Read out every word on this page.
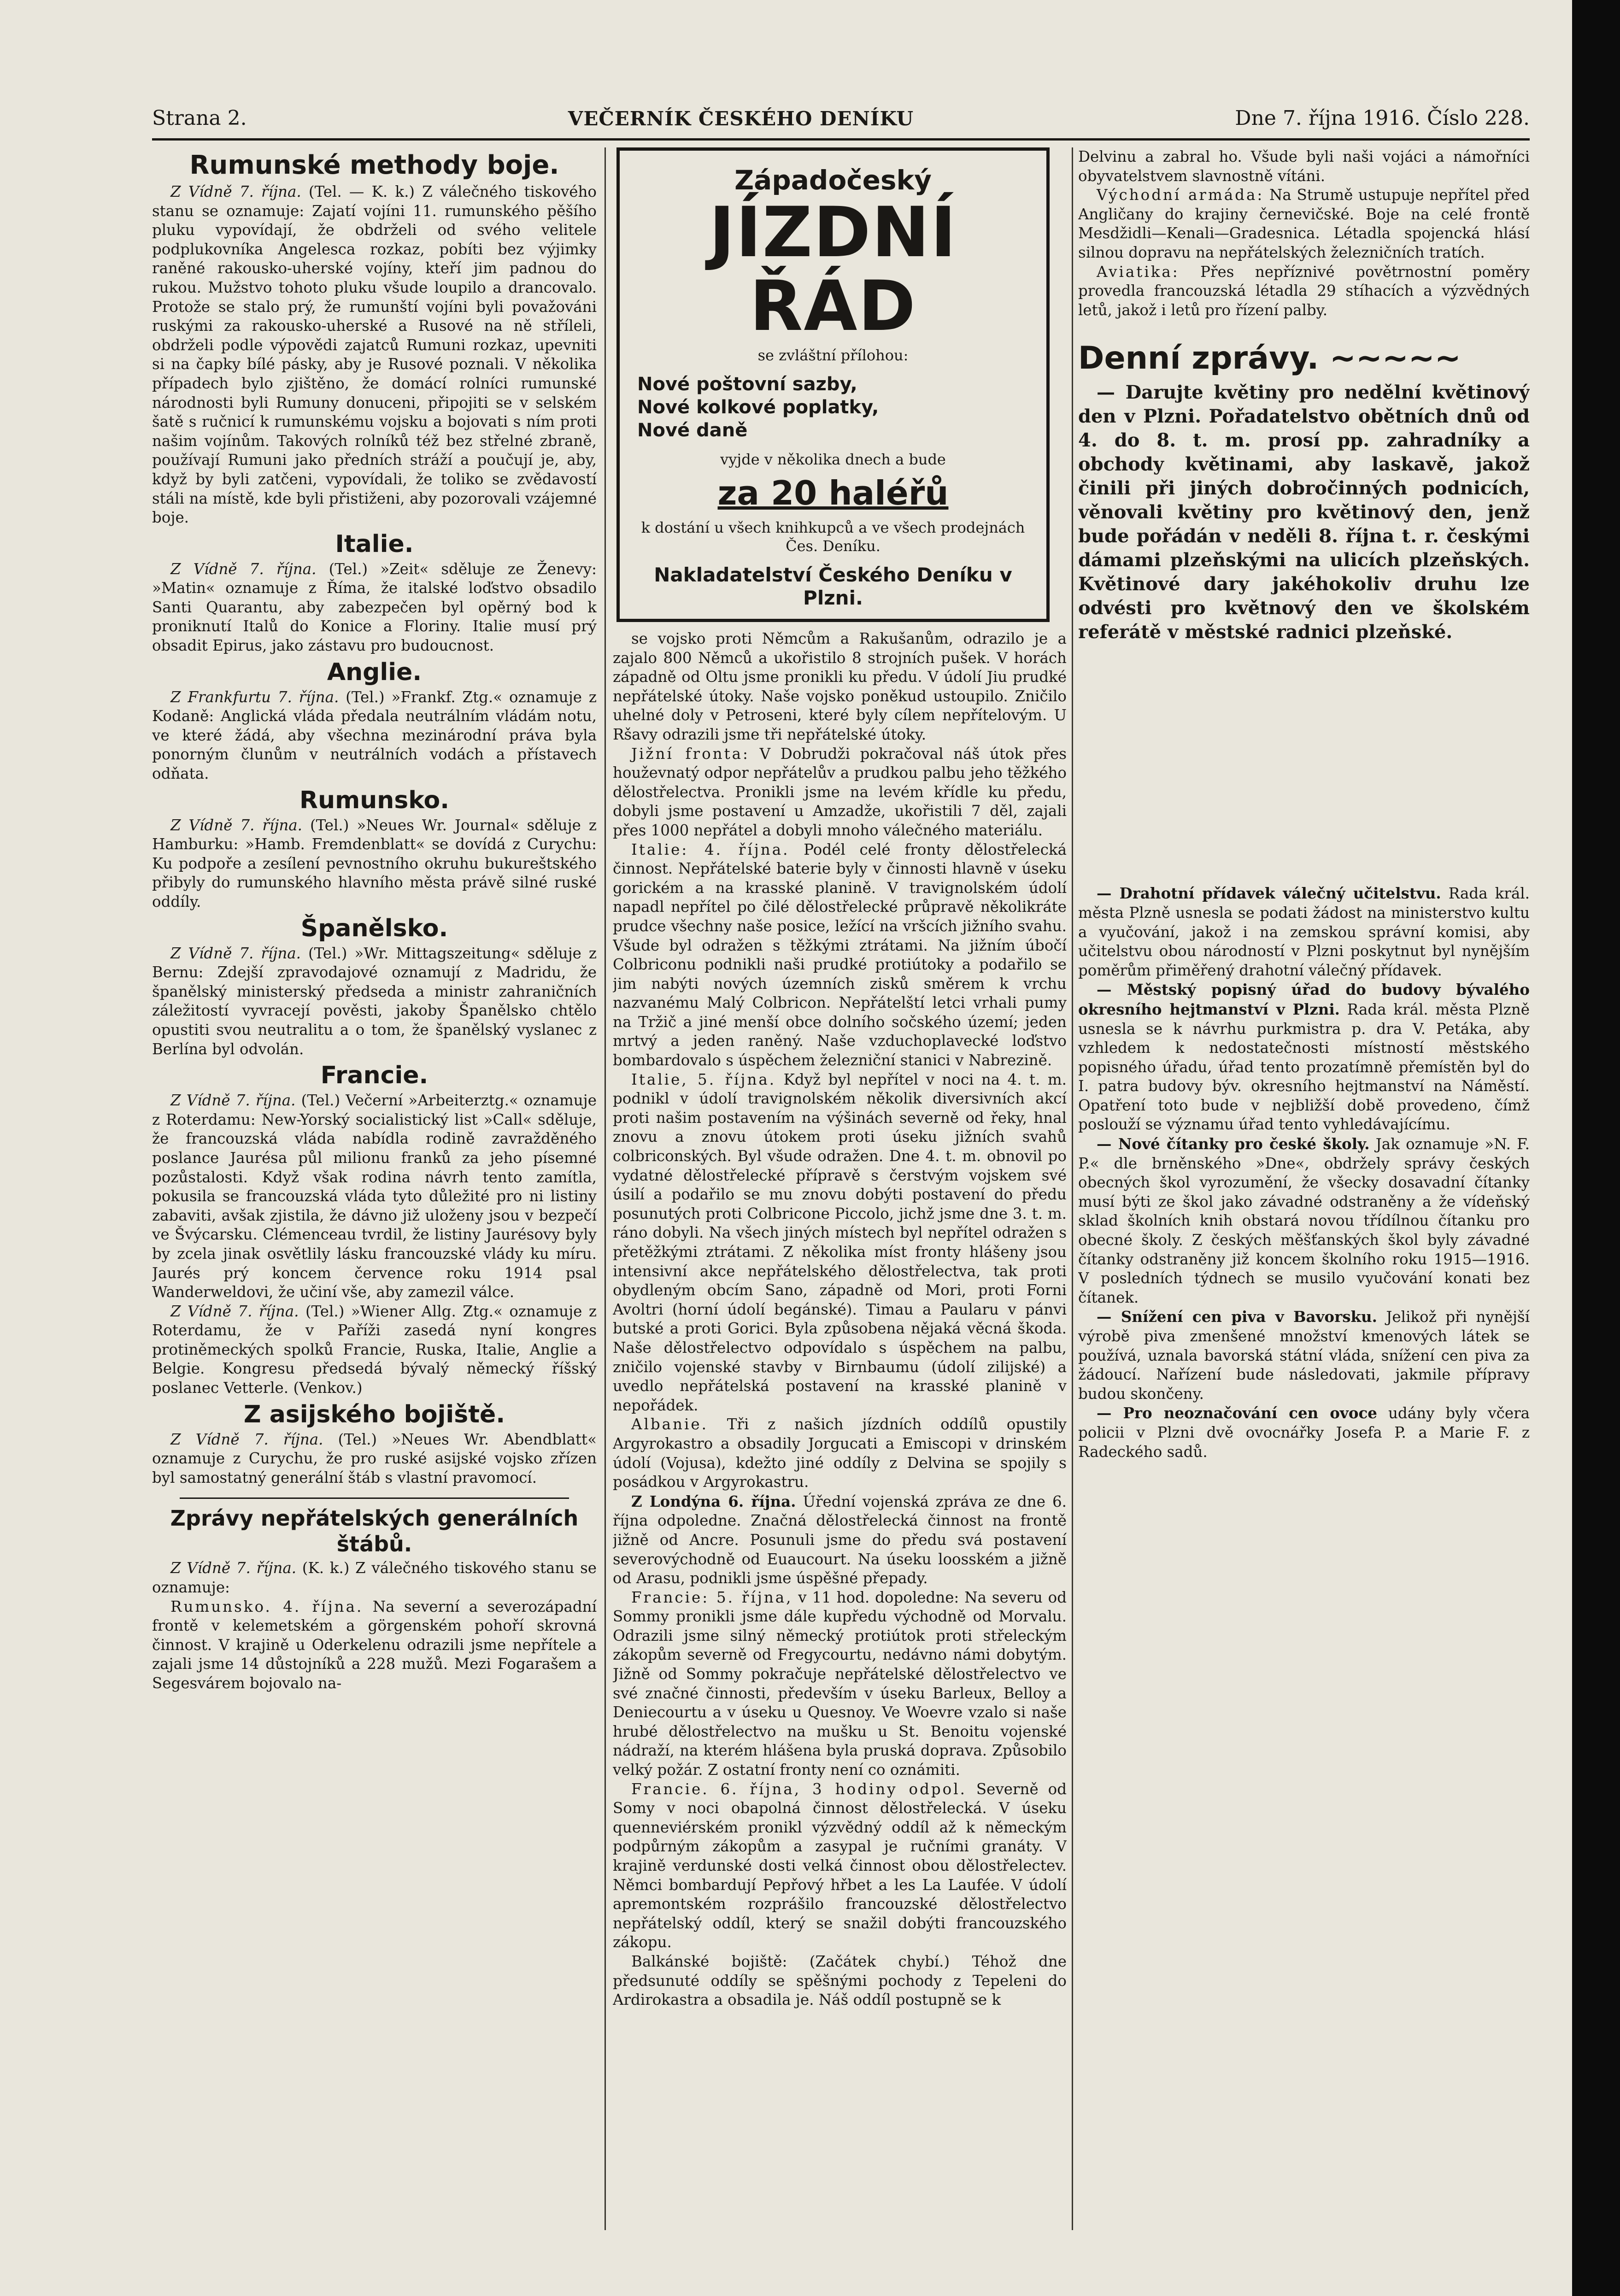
Strana 2.	VEČERNÍK ČESKÉHO DENÍKU	Dne 7. října 1916. Číslo 228.
Rumunské methody boje.

Z Vídně 7. října. (Tel. — K. k.) Z válečného tiskového stanu se oznamuje: Zajatí vojíni 11. rumunského pěšího pluku vypovídají, že obdrželi od svého velitele podplukovníka Angelesca rozkaz, pobíti bez výjimky raněné rakousko-uherské vojíny, kteří jim padnou do rukou. Mužstvo tohoto pluku všude loupilo a drancovalo. Protože se stalo prý, že rumunští vojíni byli považováni ruskými za rakousko-uherské a Rusové na ně stříleli, obdrželi podle výpovědi zajatců Rumuni rozkaz, upevniti si na čapky bílé pásky, aby je Rusové poznali. V několika případech bylo zjištěno, že domácí rolníci rumunské národnosti byli Rumuny donuceni, připojiti se v selském šatě s ručnicí k rumunskému vojsku a bojovati s ním proti našim vojínům. Takových rolníků též bez střelné zbraně, používají Rumuni jako předních stráží a poučují je, aby, když by byli zatčeni, vypovídali, že toliko se zvědavostí stáli na místě, kde byli přistiženi, aby pozorovali vzájemné boje.

Italie.

Z Vídně 7. října. (Tel.) »Zeit« sděluje ze Ženevy: »Matin« oznamuje z Říma, že italské loďstvo obsadilo Santi Quarantu, aby zabezpečen byl opěrný bod k proniknutí Italů do Konice a Floriny. Italie musí prý obsadit Epirus, jako zástavu pro budoucnost.

Anglie.

Z Frankfurtu 7. října. (Tel.) »Frankf. Ztg.« oznamuje z Kodaně: Anglická vláda předala neutrálním vládám notu, ve které žádá, aby všechna mezinárodní práva byla ponorným člunům v neutrálních vodách a přístavech odňata.

Rumunsko.

Z Vídně 7. října. (Tel.) »Neues Wr. Journal« sděluje z Hamburku: »Hamb. Fremdenblatt« se dovídá z Curychu: Ku podpoře a zesílení pevnostního okruhu bukureštského přibyly do rumunského hlavního města právě silné ruské oddíly.

Španělsko.

Z Vídně 7. října. (Tel.) »Wr. Mittagszeitung« sděluje z Bernu: Zdejší zpravodajové oznamují z Madridu, že španělský ministerský předseda a ministr zahraničních záležitostí vyvracejí pověsti, jakoby Španělsko chtělo opustiti svou neutralitu a o tom, že španělský vyslanec z Berlína byl odvolán.

Francie.

Z Vídně 7. října. (Tel.) Večerní »Arbeiterztg.« oznamuje z Roterdamu: New-Yorský socialistický list »Call« sděluje, že francouzská vláda nabídla rodině zavražděného poslance Jaurésa půl milionu franků za jeho písemné pozůstalosti. Když však rodina návrh tento zamítla, pokusila se francouzská vláda tyto důležité pro ni listiny zabaviti, avšak zjistila, že dávno již uloženy jsou v bezpečí ve Švýcarsku. Clémenceau tvrdil, že listiny Jaurésovy byly by zcela jinak osvětlily lásku francouzské vlády ku míru. Jaurés prý koncem července roku 1914 psal Wanderweldovi, že učiní vše, aby zamezil válce.

Z Vídně 7. října. (Tel.) »Wiener Allg. Ztg.« oznamuje z Roterdamu, že v Paříži zasedá nyní kongres protiněmeckých spolků Francie, Ruska, Italie, Anglie a Belgie. Kongresu předsedá bývalý německý říšský poslanec Vetterle. (Venkov.)

Z asijského bojiště.

Z Vídně 7. října. (Tel.) »Neues Wr. Abendblatt« oznamuje z Curychu, že pro ruské asijské vojsko zřízen byl samostatný generální štáb s vlastní pravomocí.

Zprávy nepřátelských generálních štábů.

Z Vídně 7. října. (K. k.) Z válečného tiskového stanu se oznamuje:

Rumunsko. 4. října. Na severní a severozápadní frontě v kelemetském a görgenském pohoří skrovná činnost. V krajině u Oderkelenu odrazili jsme nepřítele a zajali jsme 14 důstojníků a 228 mužů. Mezi Fogarašem a Segesvárem bojovalo na-

Západočeský
JÍZDNÍ ŘÁD
se zvláštní přílohou:
Nové poštovní sazby,
Nové kolkové poplatky,
Nové daně
vyjde v několika dnech a bude
za 20 haléřů
k dostání u všech knihkupců a ve všech prodejnách Čes. Deníku.
Nakladatelství Českého Deníku v Plzni.

se vojsko proti Němcům a Rakušanům, odrazilo je a zajalo 800 Němců a ukořistilo 8 strojních pušek. V horách západně od Oltu jsme pronikli ku předu. V údolí Jiu prudké nepřátelské útoky. Naše vojsko poněkud ustoupilo. Zničilo uhelné doly v Petroseni, které byly cílem nepřítelovým. U Ršavy odrazili jsme tři nepřátelské útoky.

Jižní fronta: V Dobrudži pokračoval náš útok přes houževnatý odpor nepřátelův a prudkou palbu jeho těžkého dělostřelectva. Pronikli jsme na levém křídle ku předu, dobyli jsme postavení u Amzadže, ukořistili 7 děl, zajali přes 1000 nepřátel a dobyli mnoho válečného materiálu.

Italie: 4. října. Podél celé fronty dělostřelecká činnost. Nepřátelské baterie byly v činnosti hlavně v úseku gorickém a na krasské planině. V travignolském údolí napadl nepřítel po čilé dělostřelecké průpravě několikráte prudce všechny naše posice, ležící na vršcích jižního svahu. Všude byl odražen s těžkými ztrátami. Na jižním úbočí Colbriconu podnikli naši prudké protiútoky a podařilo se jim nabýti nových územních zisků směrem k vrchu nazvanému Malý Colbricon. Nepřátelští letci vrhali pumy na Tržič a jiné menší obce dolního sočského území; jeden mrtvý a jeden raněný. Naše vzduchoplavecké loďstvo bombardovalo s úspěchem železniční stanici v Nabrezině.

Italie, 5. října. Když byl nepřítel v noci na 4. t. m. podnikl v údolí travignolském několik diversivních akcí proti našim postavením na výšinách severně od řeky, hnal znovu a znovu útokem proti úseku jižních svahů colbriconských. Byl všude odražen. Dne 4. t. m. obnovil po vydatné dělostřelecké přípravě s čerstvým vojskem své úsilí a podařilo se mu znovu dobýti postavení do předu posunutých proti Colbricone Piccolo, jichž jsme dne 3. t. m. ráno dobyli. Na všech jiných místech byl nepřítel odražen s přetěžkými ztrátami. Z několika míst fronty hlášeny jsou intensivní akce nepřátelského dělostřelectva, tak proti obydleným obcím Sano, západně od Mori, proti Forni Avoltri (horní údolí begánské). Timau a Paularu v pánvi butské a proti Gorici. Byla způsobena nějaká věcná škoda. Naše dělostřelectvo odpovídalo s úspěchem na palbu, zničilo vojenské stavby v Birnbaumu (údolí zilijské) a uvedlo nepřátelská postavení na krasské planině v nepořádek.

Albanie. Tři z našich jízdních oddílů opustily Argyrokastro a obsadily Jorgucati a Emiscopi v drinském údolí (Vojusa), kdežto jiné oddíly z Delvina se spojily s posádkou v Argyrokastru.

Z Londýna 6. října. Úřední vojenská zpráva ze dne 6. října odpoledne. Značná dělostřelecká činnost na frontě jižně od Ancre. Posunuli jsme do předu svá postavení severovýchodně od Euaucourt. Na úseku loosském a jižně od Arasu, podnikli jsme úspěšné přepady.

Francie: 5. října, v 11 hod. dopoledne: Na severu od Sommy pronikli jsme dále kupředu východně od Morvalu. Odrazili jsme silný německý protiútok proti střeleckým zákopům severně od Fregycourtu, nedávno námi dobytým. Jižně od Sommy pokračuje nepřátelské dělostřelectvo ve své značné činnosti, především v úseku Barleux, Belloy a Deniecourtu a v úseku u Quesnoy. Ve Woevre vzalo si naše hrubé dělostřelectvo na mušku u St. Benoitu vojenské nádraží, na kterém hlášena byla pruská doprava. Způsobilo velký požár. Z ostatní fronty není co oznámiti.

Francie. 6. října, 3 hodiny odpol. Severně od Somy v noci obapolná činnost dělostřelecká. V úseku quenneviérském pronikl výzvědný oddíl až k německým podpůrným zákopům a zasypal je ručními granáty. V krajině verdunské dosti velká činnost obou dělostřelectev. Němci bombardují Pepřový hřbet a les La Laufée. V údolí apremontském rozprášilo francouzské dělostřelectvo nepřátelský oddíl, který se snažil dobýti francouzského zákopu.

Balkánské bojiště: (Začátek chybí.) Téhož dne předsunuté oddíly se spěšnými pochody z Tepeleni do Ardirokastra a obsadila je. Náš oddíl postupně se k

Delvinu a zabral ho. Všude byli naši vojáci a námořníci obyvatelstvem slavnostně vítáni.

Východní armáda: Na Strumě ustupuje nepřítel před Angličany do krajiny černevičské. Boje na celé frontě Mesdžidli—Kenali—Gradesnica. Létadla spojencká hlásí silnou dopravu na nepřátelských železničních tratích.

Aviatika: Přes nepříznivé povětrnostní poměry provedla francouzská létadla 29 stíhacích a výzvědných letů, jakož i letů pro řízení palby.

Denní zprávy. ∼∼∼∼∼

— Darujte květiny pro nedělní květinový den v Plzni. Pořadatelstvo obětních dnů od 4. do 8. t. m. prosí pp. zahradníky a obchody květinami, aby laskavě, jakož činili při jiných dobročinných podnicích, věnovali květiny pro květinový den, jenž bude pořádán v neděli 8. října t. r. českými dámami plzeňskými na ulicích plzeňských. Květinové dary jakéhokoliv druhu lze odvésti pro květnový den ve školském referátě v městské radnici plzeňské.

— Drahotní přídavek válečný učitelstvu. Rada král. města Plzně usnesla se podati žádost na ministerstvo kultu a vyučování, jakož i na zemskou správní komisi, aby učitelstvu obou národností v Plzni poskytnut byl nynějším poměrům přiměřený drahotní válečný přídavek.

— Městský popisný úřad do budovy bývalého okresního hejtmanství v Plzni. Rada král. města Plzně usnesla se k návrhu purkmistra p. dra V. Petáka, aby vzhledem k nedostatečnosti místností městského popisného úřadu, úřad tento prozatímně přemístěn byl do I. patra budovy býv. okresního hejtmanství na Náměstí. Opatření toto bude v nejbližší době provedeno, čímž poslouží se významu úřad tento vyhledávajícímu.

— Nové čítanky pro české školy. Jak oznamuje »N. F. P.« dle brněnského »Dne«, obdržely správy českých obecných škol vyrozumění, že všecky dosavadní čítanky musí býti ze škol jako závadné odstraněny a že vídeňský sklad školních knih obstará novou třídílnou čítanku pro obecné školy. Z českých měšťanských škol byly závadné čítanky odstraněny již koncem školního roku 1915—1916. V posledních týdnech se musilo vyučování konati bez čítanek.

— Snížení cen piva v Bavorsku. Jelikož při nynější výrobě piva zmenšené množství kmenových látek se používá, uznala bavorská státní vláda, snížení cen piva za žádoucí. Nařízení bude následovati, jakmile přípravy budou skončeny.

— Pro neoznačování cen ovoce udány byly včera policii v Plzni dvě ovocnářky Josefa P. a Marie F. z Radeckého sadů.
